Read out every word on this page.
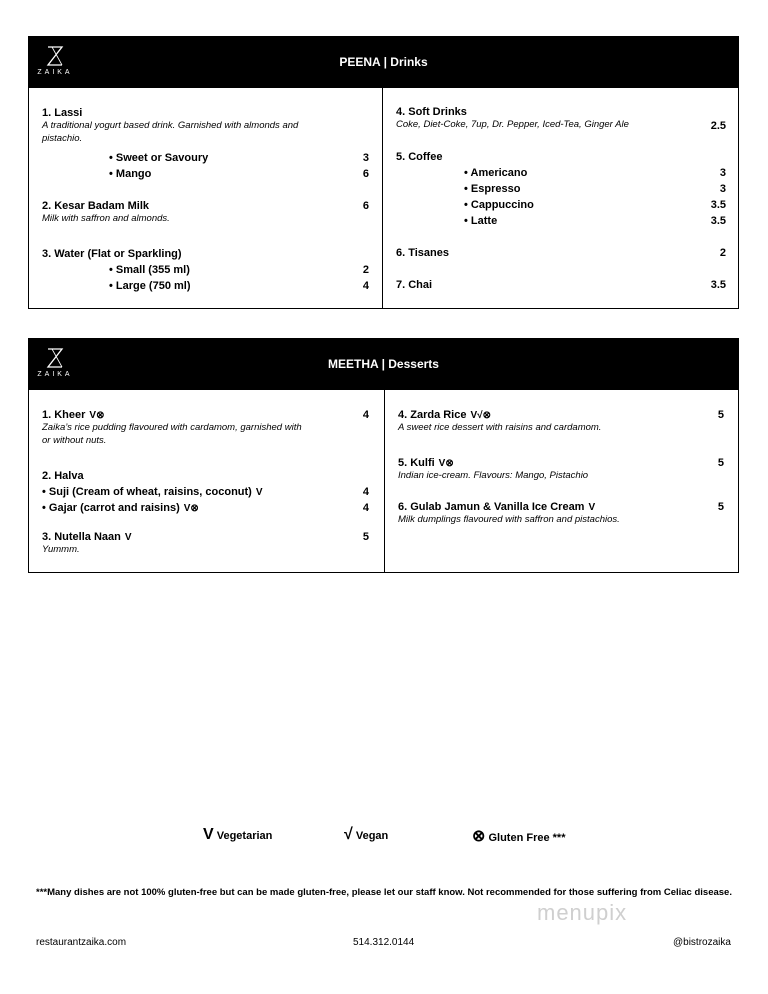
ZAIKA
PEENA | Drinks
1. Lassi
A traditional yogurt based drink. Garnished with almonds and pistachio.
• Sweet or Savoury	3
• Mango	6
2. Kesar Badam Milk
Milk with saffron and almonds.
6
3. Water (Flat or Sparkling)
• Small (355 ml)	2
• Large (750 ml)	4
4. Soft Drinks
Coke, Diet-Coke, 7up, Dr. Pepper, Iced-Tea, Ginger Ale	2.5
5. Coffee
• Americano	3
• Espresso	3
• Cappuccino	3.5
• Latte	3.5
6. Tisanes	2
7. Chai	3.5
ZAIKA
MEETHA | Desserts
1. Kheer V⊗
Zaika’s rice pudding flavoured with cardamom, garnished with or without nuts.
4
2. Halva
• Suji (Cream of wheat, raisins, coconut) V	4
• Gajar (carrot and raisins) V⊗	4
3. Nutella Naan V
Yummm.
5
4. Zarda Rice V√⊗
A sweet rice dessert with raisins and cardamom.
5
5. Kulfi V⊗
Indian ice-cream. Flavours: Mango, Pistachio
5
6. Gulab Jamun & Vanilla Ice Cream V
Milk dumplings flavoured with saffron and pistachios.
5
V Vegetarian	√ Vegan	⊗ Gluten Free ***
***Many dishes are not 100% gluten-free but can be made gluten-free, please let our staff know. Not recommended for those suffering from Celiac disease.
menupix
restaurantzaika.com	514.312.0144	@bistrozaika
